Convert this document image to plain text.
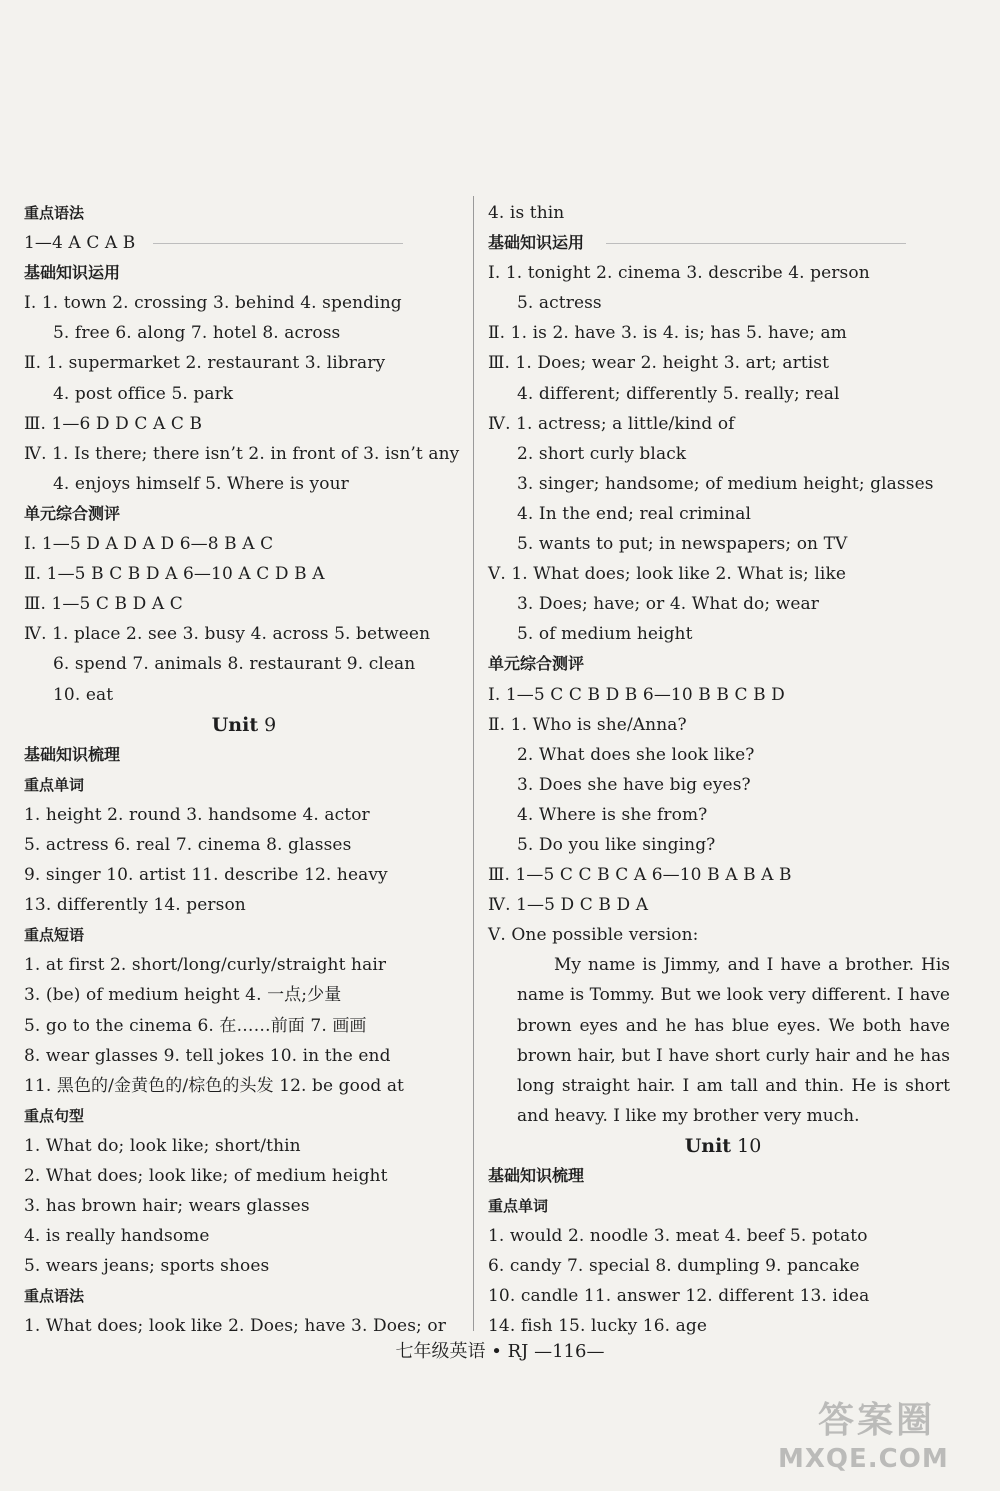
重点语法
1—4 A C A B
基础知识运用
Ⅰ. 1. town 2. crossing 3. behind 4. spending
5. free 6. along 7. hotel 8. across
Ⅱ. 1. supermarket 2. restaurant 3. library
4. post office 5. park
Ⅲ. 1—6 D D C A C B
Ⅳ. 1. Is there; there isn’t 2. in front of 3. isn’t any
4. enjoys himself 5. Where is your
单元综合测评
Ⅰ. 1—5 D A D A D 6—8 B A C
Ⅱ. 1—5 B C B D A 6—10 A C D B A
Ⅲ. 1—5 C B D A C
Ⅳ. 1. place 2. see 3. busy 4. across 5. between
6. spend 7. animals 8. restaurant 9. clean
10. eat
Unit 9
基础知识梳理
重点单词
1. height 2. round 3. handsome 4. actor
5. actress 6. real 7. cinema 8. glasses
9. singer 10. artist 11. describe 12. heavy
13. differently 14. person
重点短语
1. at first 2. short/long/curly/straight hair
3. (be) of medium height 4. 一点;少量
5. go to the cinema 6. 在……前面 7. 画画
8. wear glasses 9. tell jokes 10. in the end
11. 黑色的/金黄色的/棕色的头发 12. be good at
重点句型
1. What do; look like; short/thin
2. What does; look like; of medium height
3. has brown hair; wears glasses
4. is really handsome
5. wears jeans; sports shoes
重点语法
1. What does; look like 2. Does; have 3. Does; or
4. is thin
基础知识运用
Ⅰ. 1. tonight 2. cinema 3. describe 4. person
5. actress
Ⅱ. 1. is 2. have 3. is 4. is; has 5. have; am
Ⅲ. 1. Does; wear 2. height 3. art; artist
4. different; differently 5. really; real
Ⅳ. 1. actress; a little/kind of
2. short curly black
3. singer; handsome; of medium height; glasses
4. In the end; real criminal
5. wants to put; in newspapers; on TV
Ⅴ. 1. What does; look like 2. What is; like
3. Does; have; or 4. What do; wear
5. of medium height
单元综合测评
Ⅰ. 1—5 C C B D B 6—10 B B C B D
Ⅱ. 1. Who is she/Anna?
2. What does she look like?
3. Does she have big eyes?
4. Where is she from?
5. Do you like singing?
Ⅲ. 1—5 C C B C A 6—10 B A B A B
Ⅳ. 1—5 D C B D A
Ⅴ. One possible version:
My name is Jimmy, and I have a brother. His name is Tommy. But we look very different. I have brown eyes and he has blue eyes. We both have brown hair, but I have short curly hair and he has long straight hair. I am tall and thin. He is short and heavy. I like my brother very much.
Unit 10
基础知识梳理
重点单词
1. would 2. noodle 3. meat 4. beef 5. potato
6. candy 7. special 8. dumpling 9. pancake
10. candle 11. answer 12. different 13. idea
14. fish 15. lucky 16. age
七年级英语 • RJ —116—
答案圈
MXQE.COM
